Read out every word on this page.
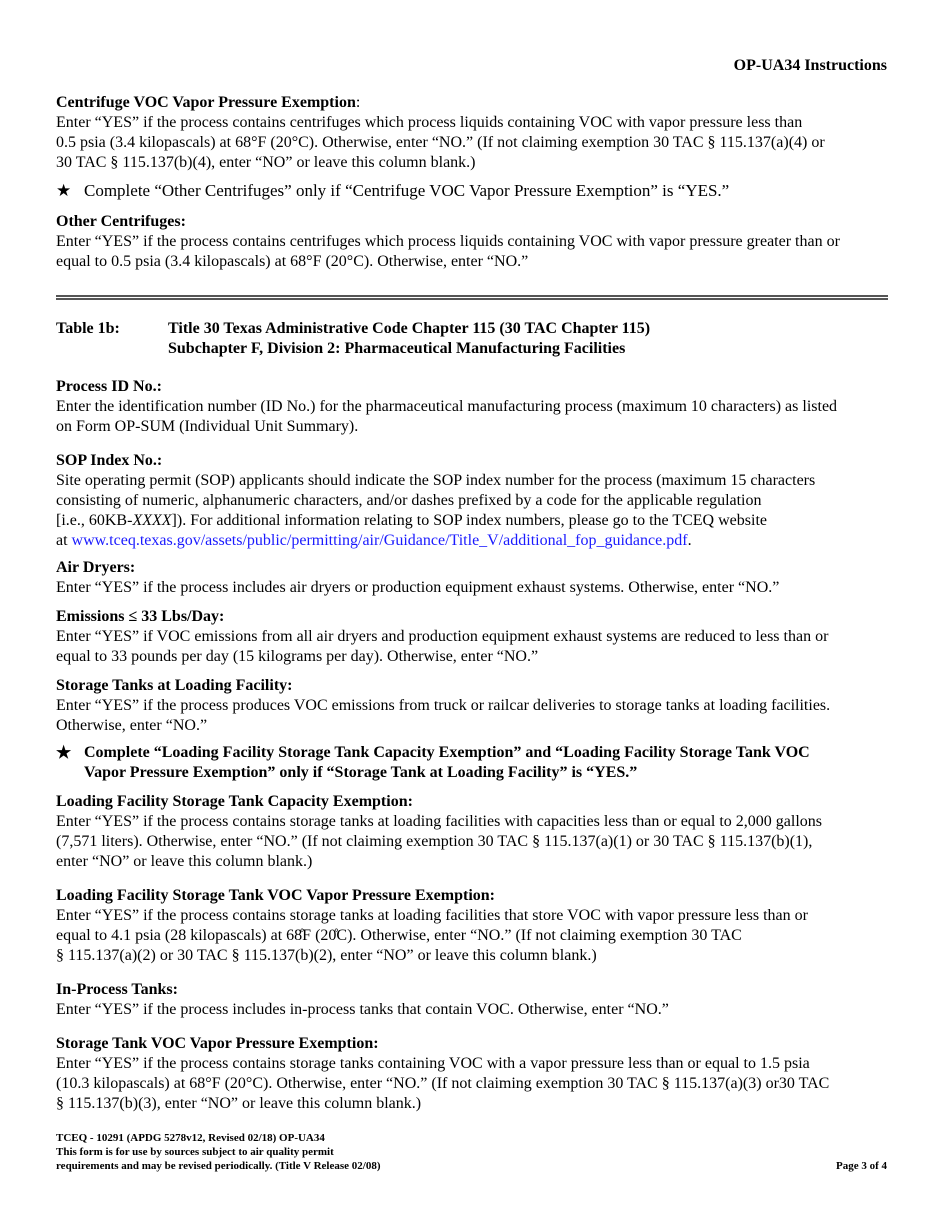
OP-UA34 Instructions
Centrifuge VOC Vapor Pressure Exemption:
Enter “YES” if the process contains centrifuges which process liquids containing VOC with vapor pressure less than
0.5 psia (3.4 kilopascals) at 68°F (20°C). Otherwise, enter “NO.” (If not claiming exemption 30 TAC § 115.137(a)(4) or
30 TAC § 115.137(b)(4), enter “NO” or leave this column blank.)
★ Complete “Other Centrifuges” only if “Centrifuge VOC Vapor Pressure Exemption” is “YES.”
Other Centrifuges:
Enter “YES” if the process contains centrifuges which process liquids containing VOC with vapor pressure greater than or
equal to 0.5 psia (3.4 kilopascals) at 68°F (20°C). Otherwise, enter “NO.”
Table 1b:	Title 30 Texas Administrative Code Chapter 115 (30 TAC Chapter 115)
Subchapter F, Division 2: Pharmaceutical Manufacturing Facilities
Process ID No.:
Enter the identification number (ID No.) for the pharmaceutical manufacturing process (maximum 10 characters) as listed
on Form OP-SUM (Individual Unit Summary).
SOP Index No.:
Site operating permit (SOP) applicants should indicate the SOP index number for the process (maximum 15 characters
consisting of numeric, alphanumeric characters, and/or dashes prefixed by a code for the applicable regulation
[i.e., 60KB-XXXX]). For additional information relating to SOP index numbers, please go to the TCEQ website
at www.tceq.texas.gov/assets/public/permitting/air/Guidance/Title_V/additional_fop_guidance.pdf.
Air Dryers:
Enter “YES” if the process includes air dryers or production equipment exhaust systems. Otherwise, enter “NO.”
Emissions ≤ 33 Lbs/Day:
Enter “YES” if VOC emissions from all air dryers and production equipment exhaust systems are reduced to less than or
equal to 33 pounds per day (15 kilograms per day). Otherwise, enter “NO.”
Storage Tanks at Loading Facility:
Enter “YES” if the process produces VOC emissions from truck or railcar deliveries to storage tanks at loading facilities.
Otherwise, enter “NO.”
★ Complete “Loading Facility Storage Tank Capacity Exemption” and “Loading Facility Storage Tank VOC
Vapor Pressure Exemption” only if “Storage Tank at Loading Facility” is “YES.”
Loading Facility Storage Tank Capacity Exemption:
Enter “YES” if the process contains storage tanks at loading facilities with capacities less than or equal to 2,000 gallons
(7,571 liters). Otherwise, enter “NO.” (If not claiming exemption 30 TAC § 115.137(a)(1) or 30 TAC § 115.137(b)(1),
enter “NO” or leave this column blank.)
Loading Facility Storage Tank VOC Vapor Pressure Exemption:
Enter “YES” if the process contains storage tanks at loading facilities that store VOC with vapor pressure less than or
equal to 4.1 psia (28 kilopascals) at 68̊F (20̊C). Otherwise, enter “NO.” (If not claiming exemption 30 TAC
§ 115.137(a)(2) or 30 TAC § 115.137(b)(2), enter “NO” or leave this column blank.)
In-Process Tanks:
Enter “YES” if the process includes in-process tanks that contain VOC. Otherwise, enter “NO.”
Storage Tank VOC Vapor Pressure Exemption:
Enter “YES” if the process contains storage tanks containing VOC with a vapor pressure less than or equal to 1.5 psia
(10.3 kilopascals) at 68°F (20°C). Otherwise, enter “NO.” (If not claiming exemption 30 TAC § 115.137(a)(3) or30 TAC
§ 115.137(b)(3), enter “NO” or leave this column blank.)
TCEQ - 10291 (APDG 5278v12, Revised 02/18) OP-UA34
This form is for use by sources subject to air quality permit
requirements and may be revised periodically. (Title V Release 02/08)	Page 3 of 4
